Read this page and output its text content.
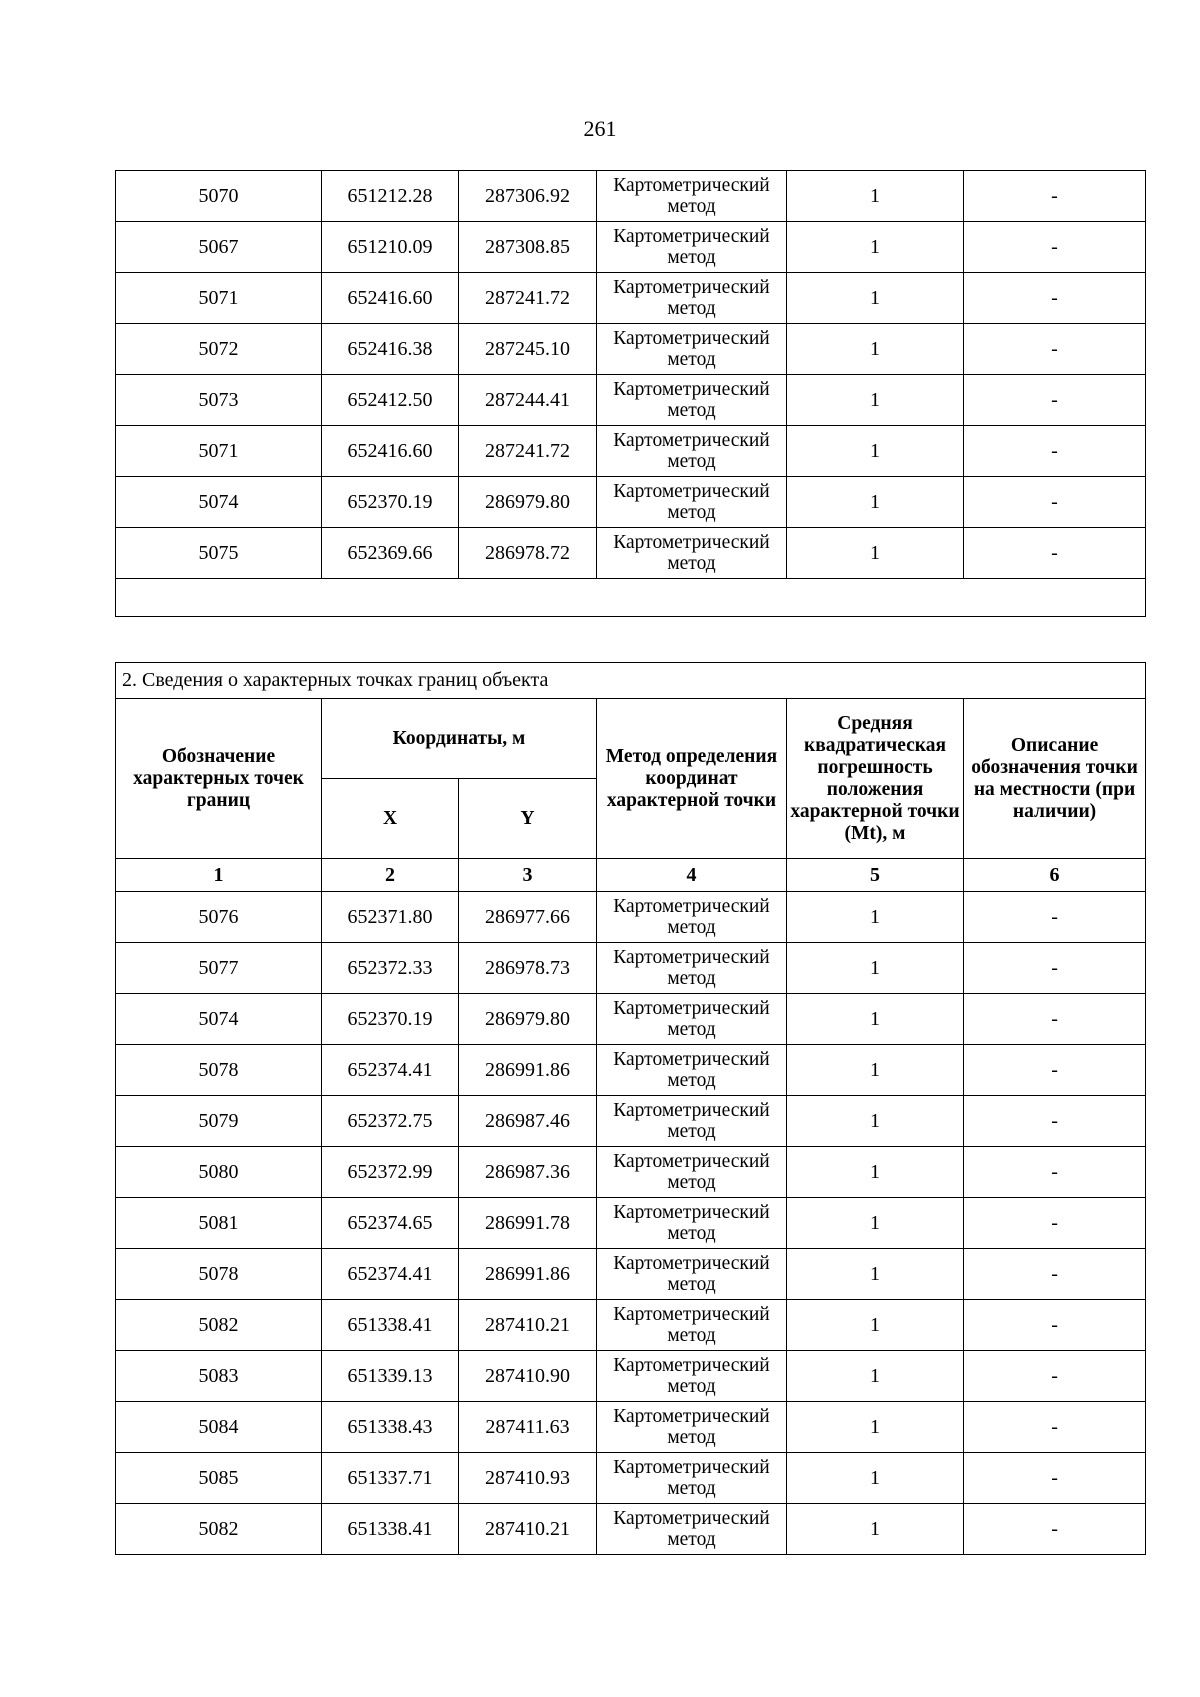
261
5070	651212.28	287306.92	Картометрический метод	1	-
5067	651210.09	287308.85	Картометрический метод	1	-
5071	652416.60	287241.72	Картометрический метод	1	-
5072	652416.38	287245.10	Картометрический метод	1	-
5073	652412.50	287244.41	Картометрический метод	1	-
5071	652416.60	287241.72	Картометрический метод	1	-
5074	652370.19	286979.80	Картометрический метод	1	-
5075	652369.66	286978.72	Картометрический метод	1	-

2. Сведения о характерных точках границ объекта					
Обозначение характерных точек границ	Координаты, м		Метод определения координат характерной точки	Средняя квадратическая погрешность положения характерной точки (Mt), м	Описание обозначения точки на местности (при наличии)
	X	Y			
1	2	3	4	5	6
5076	652371.80	286977.66	Картометрический метод	1	-
5077	652372.33	286978.73	Картометрический метод	1	-
5074	652370.19	286979.80	Картометрический метод	1	-
5078	652374.41	286991.86	Картометрический метод	1	-
5079	652372.75	286987.46	Картометрический метод	1	-
5080	652372.99	286987.36	Картометрический метод	1	-
5081	652374.65	286991.78	Картометрический метод	1	-
5078	652374.41	286991.86	Картометрический метод	1	-
5082	651338.41	287410.21	Картометрический метод	1	-
5083	651339.13	287410.90	Картометрический метод	1	-
5084	651338.43	287411.63	Картометрический метод	1	-
5085	651337.71	287410.93	Картометрический метод	1	-
5082	651338.41	287410.21	Картометрический метод	1	-
